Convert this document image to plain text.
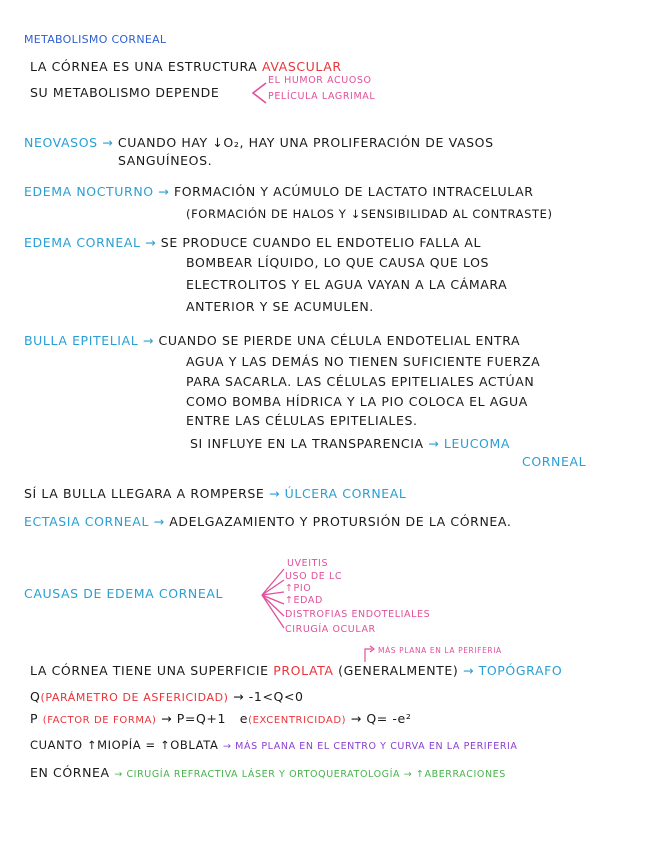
METABOLISMO CORNEAL
LA CÓRNEA ES UNA ESTRUCTURA AVASCULAR
SU METABOLISMO DEPENDE
EL HUMOR ACUOSO
PELÍCULA LAGRIMAL
NEOVASOS → CUANDO HAY ↓O₂, HAY UNA PROLIFERACIÓN DE VASOS
SANGUÍNEOS.
EDEMA NOCTURNO → FORMACIÓN Y ACÚMULO DE LACTATO INTRACELULAR
(FORMACIÓN DE HALOS Y ↓SENSIBILIDAD AL CONTRASTE)
EDEMA CORNEAL → SE PRODUCE CUANDO EL ENDOTELIO FALLA AL
BOMBEAR LÍQUIDO, LO QUE CAUSA QUE LOS
ELECTROLITOS Y EL AGUA VAYAN A LA CÁMARA
ANTERIOR Y SE ACUMULEN.
BULLA EPITELIAL → CUANDO SE PIERDE UNA CÉLULA ENDOTELIAL ENTRA
AGUA Y LAS DEMÁS NO TIENEN SUFICIENTE FUERZA
PARA SACARLA. LAS CÉLULAS EPITELIALES ACTÚAN
COMO BOMBA HÍDRICA Y LA PIO COLOCA EL AGUA
ENTRE LAS CÉLULAS EPITELIALES.
SI INFLUYE EN LA TRANSPARENCIA → LEUCOMA
CORNEAL
SÍ LA BULLA LLEGARA A ROMPERSE → ÚLCERA CORNEAL
ECTASIA CORNEAL → ADELGAZAMIENTO Y PROTURSIÓN DE LA CÓRNEA.
CAUSAS DE EDEMA CORNEAL
UVEITIS
USO DE LC
↑PIO
↑EDAD
DISTROFIAS ENDOTELIALES
CIRUGÍA OCULAR
MÁS PLANA EN LA PERIFERIA
LA CÓRNEA TIENE UNA SUPERFICIE PROLATA (GENERALMENTE) → TOPÓGRAFO
Q(PARÁMETRO DE ASFERICIDAD) → -1<Q<0
P (FACTOR DE FORMA) → P=Q+1 e(EXCENTRICIDAD) → Q= -e²
CUANTO ↑MIOPÍA = ↑OBLATA → MÁS PLANA EN EL CENTRO Y CURVA EN LA PERIFERIA
EN CÓRNEA → CIRUGÍA REFRACTIVA LÁSER Y ORTOQUERATOLOGÍA → ↑ABERRACIONES
